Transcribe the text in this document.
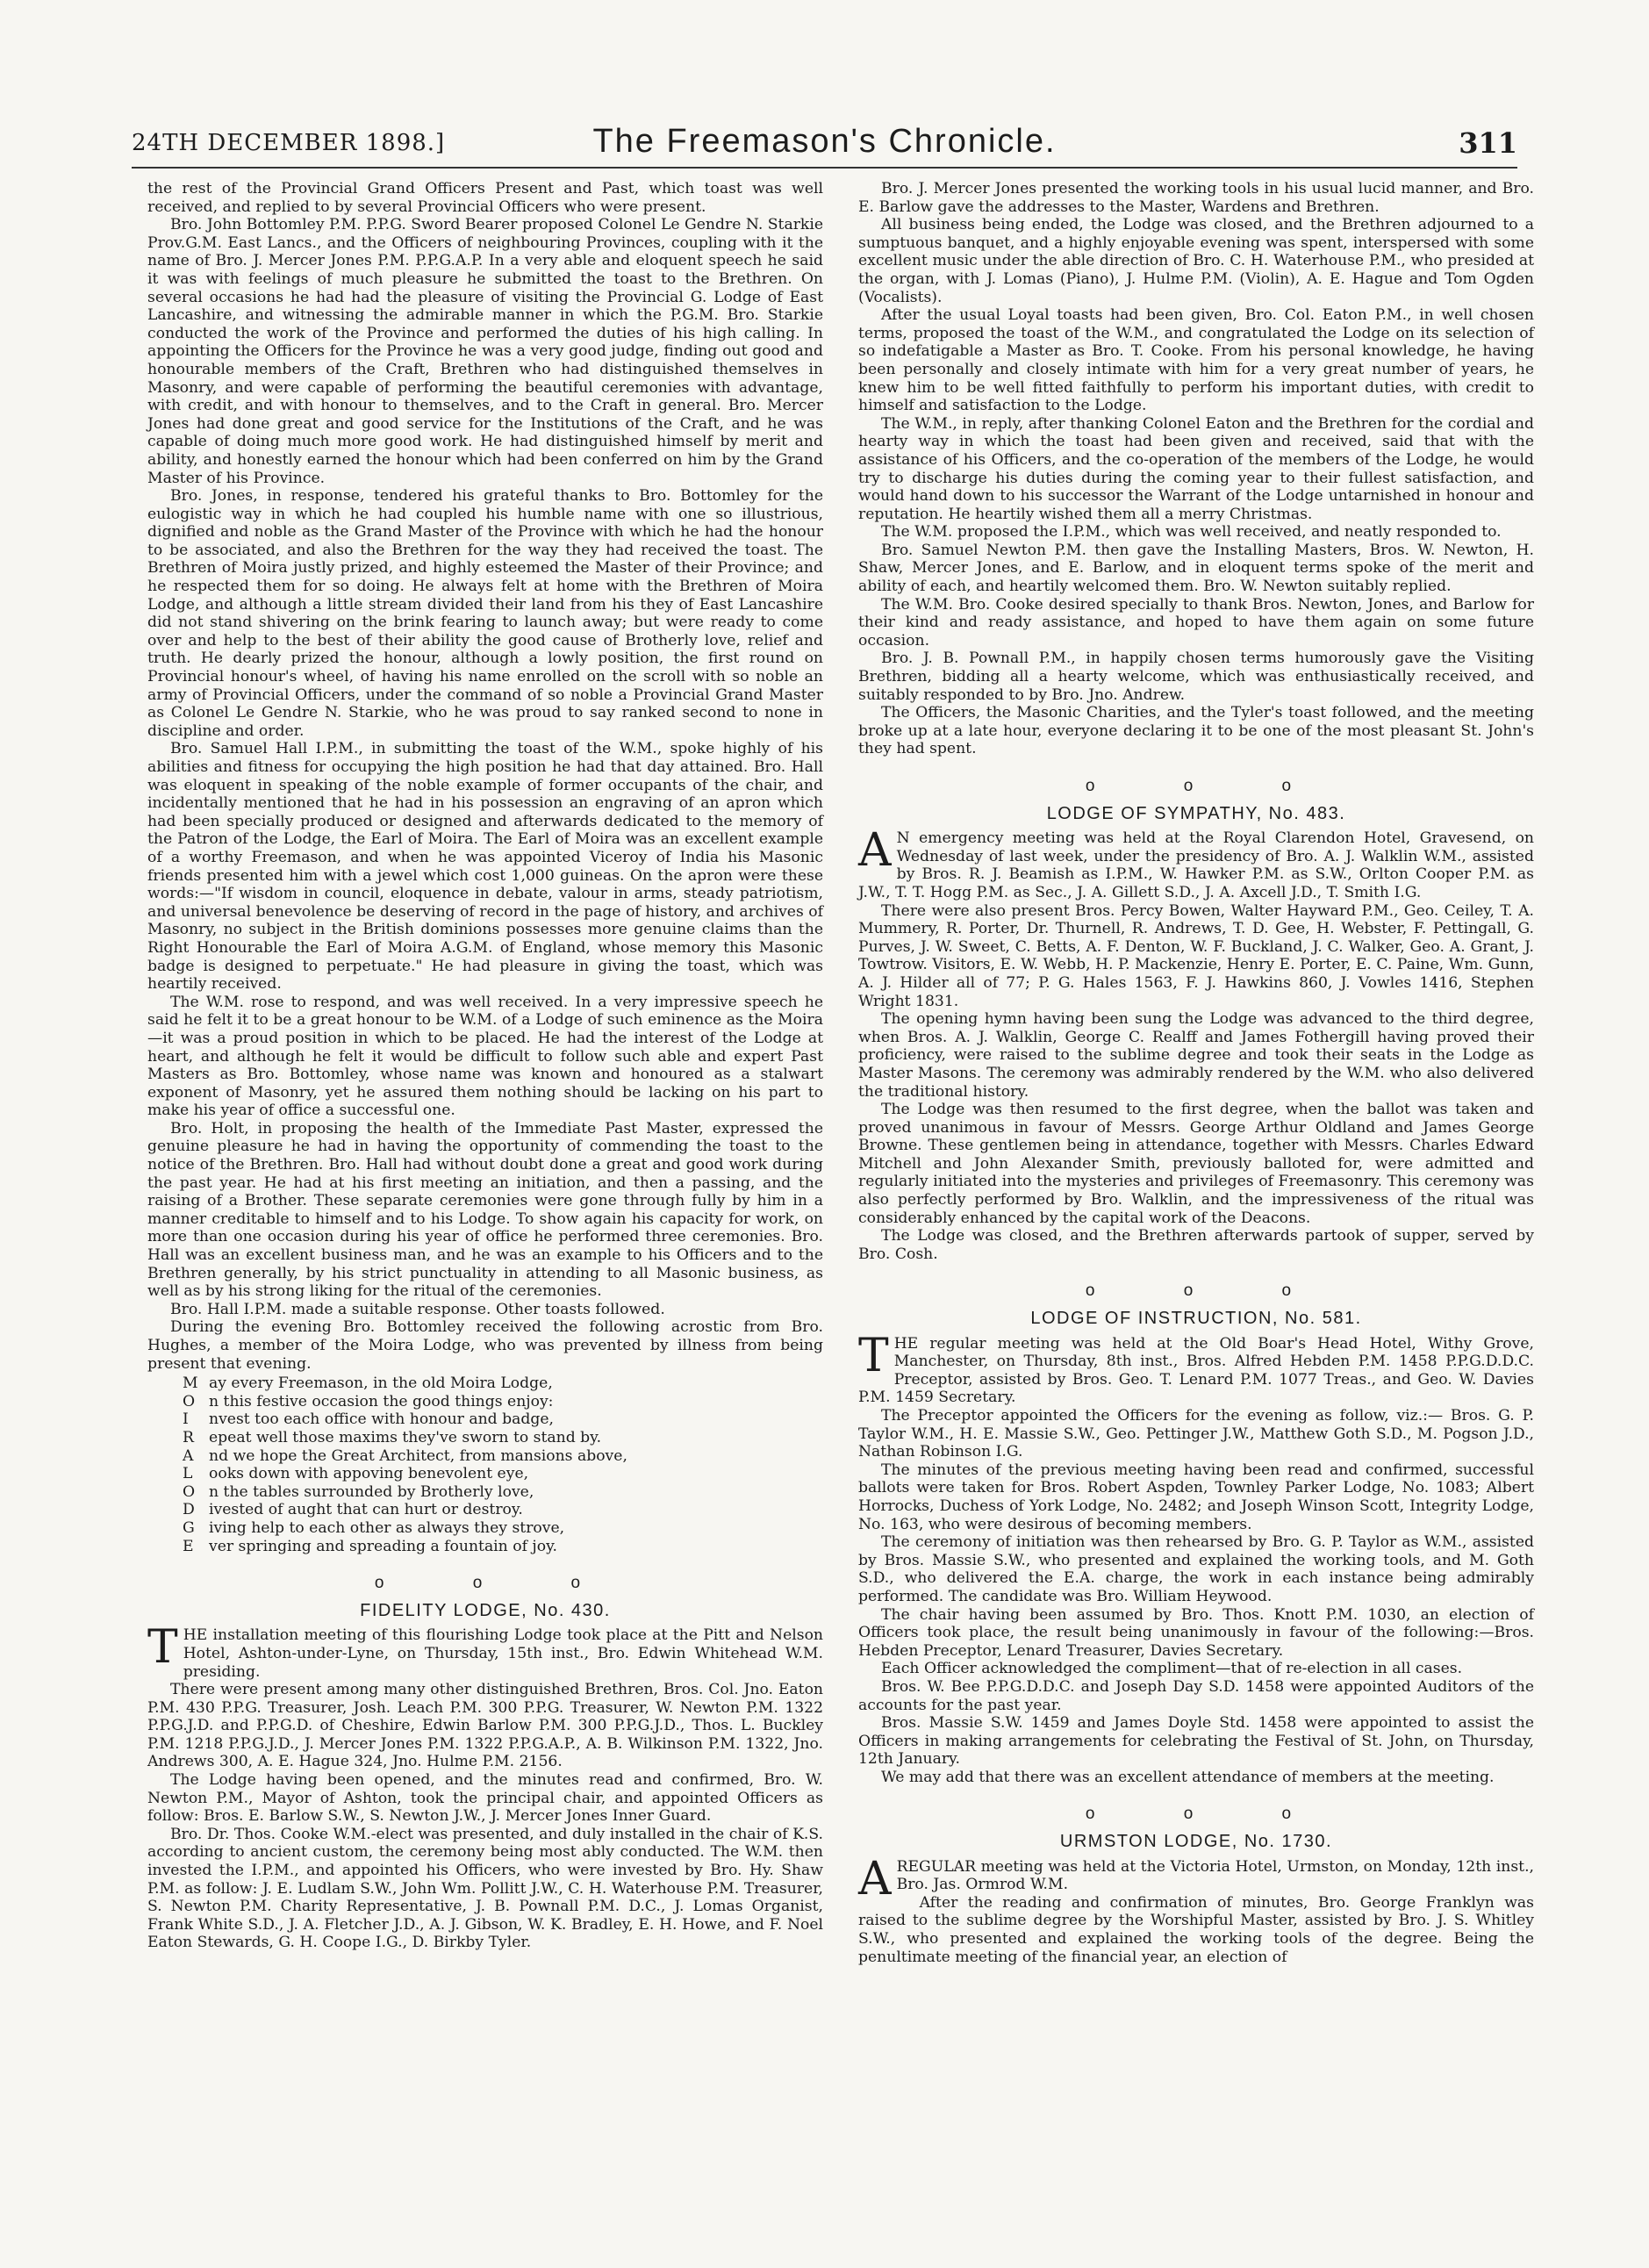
24TH DECEMBER 1898.]	The Freemason's Chronicle.	311

the rest of the Provincial Grand Officers Present and Past, which toast was well received, and replied to by several Provincial Officers who were present.

Bro. John Bottomley P.M. P.P.G. Sword Bearer proposed Colonel Le Gendre N. Starkie Prov.G.M. East Lancs., and the Officers of neighbouring Provinces, coupling with it the name of Bro. J. Mercer Jones P.M. P.P.G.A.P. In a very able and eloquent speech he said it was with feelings of much pleasure he submitted the toast to the Brethren. On several occasions he had had the pleasure of visiting the Provincial G. Lodge of East Lancashire, and witnessing the admirable manner in which the P.G.M. Bro. Starkie conducted the work of the Province and performed the duties of his high calling. In appointing the Officers for the Province he was a very good judge, finding out good and honourable members of the Craft, Brethren who had distinguished themselves in Masonry, and were capable of performing the beautiful ceremonies with advantage, with credit, and with honour to themselves, and to the Craft in general. Bro. Mercer Jones had done great and good service for the Institutions of the Craft, and he was capable of doing much more good work. He had distinguished himself by merit and ability, and honestly earned the honour which had been conferred on him by the Grand Master of his Province.

Bro. Jones, in response, tendered his grateful thanks to Bro. Bottomley for the eulogistic way in which he had coupled his humble name with one so illustrious, dignified and noble as the Grand Master of the Province with which he had the honour to be associated, and also the Brethren for the way they had received the toast. The Brethren of Moira justly prized, and highly esteemed the Master of their Province; and he respected them for so doing. He always felt at home with the Brethren of Moira Lodge, and although a little stream divided their land from his they of East Lancashire did not stand shivering on the brink fearing to launch away; but were ready to come over and help to the best of their ability the good cause of Brotherly love, relief and truth. He dearly prized the honour, although a lowly position, the first round on Provincial honour's wheel, of having his name enrolled on the scroll with so noble an army of Provincial Officers, under the command of so noble a Provincial Grand Master as Colonel Le Gendre N. Starkie, who he was proud to say ranked second to none in discipline and order.

Bro. Samuel Hall I.P.M., in submitting the toast of the W.M., spoke highly of his abilities and fitness for occupying the high position he had that day attained. Bro. Hall was eloquent in speaking of the noble example of former occupants of the chair, and incidentally mentioned that he had in his possession an engraving of an apron which had been specially produced or designed and afterwards dedicated to the memory of the Patron of the Lodge, the Earl of Moira. The Earl of Moira was an excellent example of a worthy Freemason, and when he was appointed Viceroy of India his Masonic friends presented him with a jewel which cost 1,000 guineas. On the apron were these words:—"If wisdom in council, eloquence in debate, valour in arms, steady patriotism, and universal benevolence be deserving of record in the page of history, and archives of Masonry, no subject in the British dominions possesses more genuine claims than the Right Honourable the Earl of Moira A.G.M. of England, whose memory this Masonic badge is designed to perpetuate." He had pleasure in giving the toast, which was heartily received.

The W.M. rose to respond, and was well received. In a very impressive speech he said he felt it to be a great honour to be W.M. of a Lodge of such eminence as the Moira—it was a proud position in which to be placed. He had the interest of the Lodge at heart, and although he felt it would be difficult to follow such able and expert Past Masters as Bro. Bottomley, whose name was known and honoured as a stalwart exponent of Masonry, yet he assured them nothing should be lacking on his part to make his year of office a successful one.

Bro. Holt, in proposing the health of the Immediate Past Master, expressed the genuine pleasure he had in having the opportunity of commending the toast to the notice of the Brethren. Bro. Hall had without doubt done a great and good work during the past year. He had at his first meeting an initiation, and then a passing, and the raising of a Brother. These separate ceremonies were gone through fully by him in a manner creditable to himself and to his Lodge. To show again his capacity for work, on more than one occasion during his year of office he performed three ceremonies. Bro. Hall was an excellent business man, and he was an example to his Officers and to the Brethren generally, by his strict punctuality in attending to all Masonic business, as well as by his strong liking for the ritual of the ceremonies.

Bro. Hall I.P.M. made a suitable response. Other toasts followed.

During the evening Bro. Bottomley received the following acrostic from Bro. Hughes, a member of the Moira Lodge, who was prevented by illness from being present that evening.

M ay every Freemason, in the old Moira Lodge,
O n this festive occasion the good things enjoy:
I	nvest too each office with honour and badge,
R epeat well those maxims they've sworn to stand by.
A	nd we hope the Great Architect, from mansions above,
L	ooks down with appoving benevolent eye,
O n the tables surrounded by Brotherly love,
D ivested of aught that can hurt or destroy.
G iving help to each other as always they strove,
E	ver springing and spreading a fountain of joy.
o o o
FIDELITY LODGE, No. 430.

THE installation meeting of this flourishing Lodge took place at the Pitt and Nelson Hotel, Ashton-under-Lyne, on Thursday, 15th inst., Bro. Edwin Whitehead W.M. presiding.

There were present among many other distinguished Brethren, Bros. Col. Jno. Eaton P.M. 430 P.P.G. Treasurer, Josh. Leach P.M. 300 P.P.G. Treasurer, W. Newton P.M. 1322 P.P.G.J.D. and P.P.G.D. of Cheshire, Edwin Barlow P.M. 300 P.P.G.J.D., Thos. L. Buckley P.M. 1218 P.P.G.J.D., J. Mercer Jones P.M. 1322 P.P.G.A.P., A. B. Wilkinson P.M. 1322, Jno. Andrews 300, A. E. Hague 324, Jno. Hulme P.M. 2156.

The Lodge having been opened, and the minutes read and confirmed, Bro. W. Newton P.M., Mayor of Ashton, took the principal chair, and appointed Officers as follow: Bros. E. Barlow S.W., S. Newton J.W., J. Mercer Jones Inner Guard.

Bro. Dr. Thos. Cooke W.M.-elect was presented, and duly installed in the chair of K.S. according to ancient custom, the ceremony being most ably conducted. The W.M. then invested the I.P.M., and appointed his Officers, who were invested by Bro. Hy. Shaw P.M. as follow: J. E. Ludlam S.W., John Wm. Pollitt J.W., C. H. Waterhouse P.M. Treasurer, S. Newton P.M. Charity Representative, J. B. Pownall P.M. D.C., J. Lomas Organist, Frank White S.D., J. A. Fletcher J.D., A. J. Gibson, W. K. Bradley, E. H. Howe, and F. Noel Eaton Stewards, G. H. Coope I.G., D. Birkby Tyler.

Bro. J. Mercer Jones presented the working tools in his usual lucid manner, and Bro. E. Barlow gave the addresses to the Master, Wardens and Brethren.

All business being ended, the Lodge was closed, and the Brethren adjourned to a sumptuous banquet, and a highly enjoyable evening was spent, interspersed with some excellent music under the able direction of Bro. C. H. Waterhouse P.M., who presided at the organ, with J. Lomas (Piano), J. Hulme P.M. (Violin), A. E. Hague and Tom Ogden (Vocalists).

After the usual Loyal toasts had been given, Bro. Col. Eaton P.M., in well chosen terms, proposed the toast of the W.M., and congratulated the Lodge on its selection of so indefatigable a Master as Bro. T. Cooke. From his personal knowledge, he having been personally and closely intimate with him for a very great number of years, he knew him to be well fitted faithfully to perform his important duties, with credit to himself and satisfaction to the Lodge.

The W.M., in reply, after thanking Colonel Eaton and the Brethren for the cordial and hearty way in which the toast had been given and received, said that with the assistance of his Officers, and the co-operation of the members of the Lodge, he would try to discharge his duties during the coming year to their fullest satisfaction, and would hand down to his successor the Warrant of the Lodge untarnished in honour and reputation. He heartily wished them all a merry Christmas.

The W.M. proposed the I.P.M., which was well received, and neatly responded to.

Bro. Samuel Newton P.M. then gave the Installing Masters, Bros. W. Newton, H. Shaw, Mercer Jones, and E. Barlow, and in eloquent terms spoke of the merit and ability of each, and heartily welcomed them. Bro. W. Newton suitably replied.

The W.M. Bro. Cooke desired specially to thank Bros. Newton, Jones, and Barlow for their kind and ready assistance, and hoped to have them again on some future occasion.

Bro. J. B. Pownall P.M., in happily chosen terms humorously gave the Visiting Brethren, bidding all a hearty welcome, which was enthusiastically received, and suitably responded to by Bro. Jno. Andrew.

The Officers, the Masonic Charities, and the Tyler's toast followed, and the meeting broke up at a late hour, everyone declaring it to be one of the most pleasant St. John's they had spent.

o o o
LODGE OF SYMPATHY, No. 483.

A N emergency meeting was held at the Royal Clarendon Hotel, Gravesend, on Wednesday of last week, under the presidency of Bro. A. J. Walklin W.M., assisted by Bros. R. J. Beamish as I.P.M., W. Hawker P.M. as S.W., Orlton Cooper P.M. as J.W., T. T. Hogg P.M. as Sec., J. A. Gillett S.D., J. A. Axcell J.D., T. Smith I.G.

There were also present Bros. Percy Bowen, Walter Hayward P.M., Geo. Ceiley, T. A. Mummery, R. Porter, Dr. Thurnell, R. Andrews, T. D. Gee, H. Webster, F. Pettingall, G. Purves, J. W. Sweet, C. Betts, A. F. Denton, W. F. Buckland, J. C. Walker, Geo. A. Grant, J. Towtrow. Visitors, E. W. Webb, H. P. Mackenzie, Henry E. Porter, E. C. Paine, Wm. Gunn, A. J. Hilder all of 77; P. G. Hales 1563, F. J. Hawkins 860, J. Vowles 1416, Stephen Wright 1831.

The opening hymn having been sung the Lodge was advanced to the third degree, when Bros. A. J. Walklin, George C. Realff and James Fothergill having proved their proficiency, were raised to the sublime degree and took their seats in the Lodge as Master Masons. The ceremony was admirably rendered by the W.M. who also delivered the traditional history.

The Lodge was then resumed to the first degree, when the ballot was taken and proved unanimous in favour of Messrs. George Arthur Oldland and James George Browne. These gentlemen being in attendance, together with Messrs. Charles Edward Mitchell and John Alexander Smith, previously balloted for, were admitted and regularly initiated into the mysteries and privileges of Freemasonry. This ceremony was also perfectly performed by Bro. Walklin, and the impressiveness of the ritual was considerably enhanced by the capital work of the Deacons.

The Lodge was closed, and the Brethren afterwards partook of supper, served by Bro. Cosh.

o o o
LODGE OF INSTRUCTION, No. 581.

THE regular meeting was held at the Old Boar's Head Hotel, Withy Grove, Manchester, on Thursday, 8th inst., Bros. Alfred Hebden P.M. 1458 P.P.G.D.D.C. Preceptor, assisted by Bros. Geo. T. Lenard P.M. 1077 Treas., and Geo. W. Davies P.M. 1459 Secretary.

The Preceptor appointed the Officers for the evening as follow, viz.:— Bros. G. P. Taylor W.M., H. E. Massie S.W., Geo. Pettinger J.W., Matthew Goth S.D., M. Pogson J.D., Nathan Robinson I.G.

The minutes of the previous meeting having been read and confirmed, successful ballots were taken for Bros. Robert Aspden, Townley Parker Lodge, No. 1083; Albert Horrocks, Duchess of York Lodge, No. 2482; and Joseph Winson Scott, Integrity Lodge, No. 163, who were desirous of becoming members.

The ceremony of initiation was then rehearsed by Bro. G. P. Taylor as W.M., assisted by Bros. Massie S.W., who presented and explained the working tools, and M. Goth S.D., who delivered the E.A. charge, the work in each instance being admirably performed. The candidate was Bro. William Heywood.

The chair having been assumed by Bro. Thos. Knott P.M. 1030, an election of Officers took place, the result being unanimously in favour of the following:—Bros. Hebden Preceptor, Lenard Treasurer, Davies Secretary.

Each Officer acknowledged the compliment—that of re-election in all cases.

Bros. W. Bee P.P.G.D.D.C. and Joseph Day S.D. 1458 were appointed Auditors of the accounts for the past year.

Bros. Massie S.W. 1459 and James Doyle Std. 1458 were appointed to assist the Officers in making arrangements for celebrating the Festival of St. John, on Thursday, 12th January.

We may add that there was an excellent attendance of members at the meeting.

o o o
URMSTON LODGE, No. 1730.

AREGULAR meeting was held at the Victoria Hotel, Urmston, on Monday, 12th inst., Bro. Jas. Ormrod W.M.

After the reading and confirmation of minutes, Bro. George Franklyn was raised to the sublime degree by the Worshipful Master, assisted by Bro. J. S. Whitley S.W., who presented and explained the working tools of the degree. Being the penultimate meeting of the financial year, an election of
